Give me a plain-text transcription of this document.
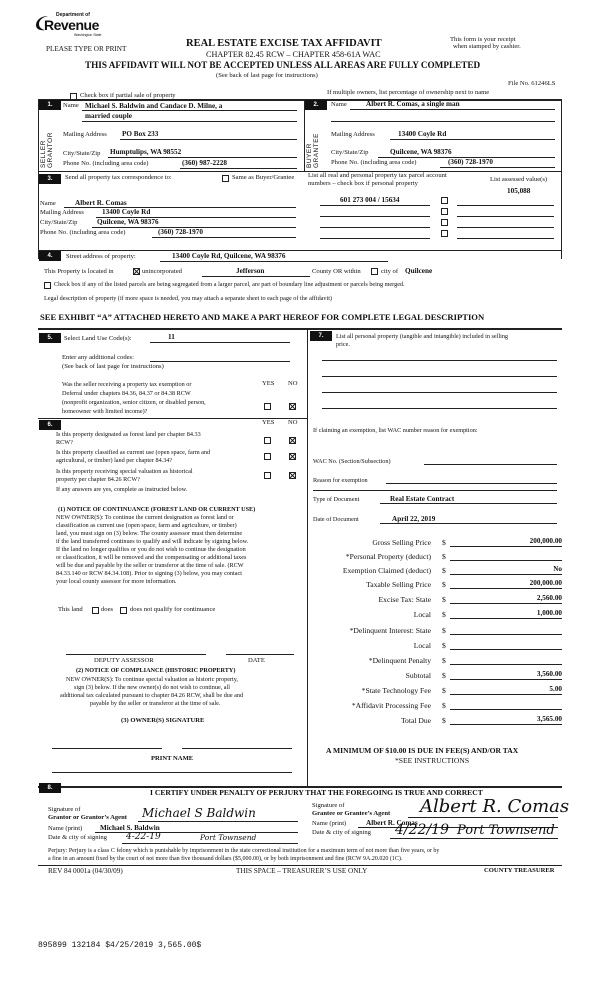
Department of
Revenue
Washington State
PLEASE TYPE OR PRINT	REAL ESTATE EXCISE TAX AFFIDAVIT
CHAPTER 82.45 RCW – CHAPTER 458-61A WAC
THIS AFFIDAVIT WILL NOT BE ACCEPTED UNLESS ALL AREAS ARE FULLY COMPLETED
(See back of last page for instructions)
This form is your receipt
when stamped by cashier.
File No. 61246LS
Check box if partial sale of property	If multiple owners, list percentage of ownership next to name
1.
SELLER GRANTOR
Name Michael S. Baldwin and Candace D. Milne, a
married couple
Mailing Address PO Box 233
City/State/Zip Humptulips, WA 98552
Phone No. (including area code)	(360) 987-2228
2.
BUYER GRANTEE
Name	Albert R. Comas, a single man
Mailing Address	13400 Coyle Rd
City/State/Zip	Quilcene, WA 98376
Phone No. (including area code)	(360) 728-1970
3.	Send all property tax correspondence to:	Same as Buyer/Grantee
Name	Albert R. Comas
Mailing Address	13400 Coyle Rd
City/State/Zip	Quilcene, WA 98376
Phone No. (including area code)	(360) 728-1970
List all real and personal property tax parcel account
numbers – check box if personal property
List assessed value(s)
105,088
601 273 004 / 15634
4.	Street address of property:	13400 Coyle Rd, Quilcene, WA 98376
This Property is located in	unincorporated	Jefferson	County OR within	city of Quilcene
Check box if any of the listed parcels are being segregated from a larger parcel, are part of boundary line adjustment or parcels being merged.
Legal description of property (if more space is needed, you may attach a separate sheet to each page of the affidavit)
SEE EXHIBIT “A” ATTACHED HERETO AND MAKE A PART HEREOF FOR COMPLETE LEGAL DESCRIPTION
5.	Select Land Use Code(s):	11
Enter any additional codes:
(See back of last page for instructions)
YES NO
Was the seller receiving a property tax exemption or
Deferral under chapters 84.36, 84.37 or 84.38 RCW
(nonprofit organization, senior citizen, or disabled person,
homeowner with limited income)?
6.	YES NO
Is this property designated as forest land per chapter 84.33
RCW?
Is this property classified as current use (open space, farm and
agricultural, or timber) land per chapter 84.34?
Is this property receiving special valuation as historical
property per chapter 84.26 RCW?
If any answers are yes, complete as instructed below.
(1) NOTICE OF CONTINUANCE (FOREST LAND OR CURRENT USE)
NEW OWNER(S): To continue the current designation as forest land or
classification as current use (open space, farm and agriculture, or timber)
land, you must sign on (3) below. The county assessor must then determine
if the land transferred continues to qualify and will indicate by signing below.
If the land no longer qualifies or you do not wish to continue the designation
or classification, it will be removed and the compensating or additional taxes
will be due and payable by the seller or transferor at the time of sale. (RCW
84.33.140 or RCW 84.34.108). Prior to signing (3) below, you may contact
your local county assessor for more information.
This land	does	does not qualify for continuance
DEPUTY ASSESSOR	DATE
(2) NOTICE OF COMPLIANCE (HISTORIC PROPERTY)
NEW OWNER(S): To continue special valuation as historic property,
sign (3) below. If the new owner(s) do not wish to continue, all
additional tax calculated pursuant to chapter 84.26 RCW, shall be due and
payable by the seller or transferor at the time of sale.
(3) OWNER(S) SIGNATURE
PRINT NAME
7.	List all personal property (tangible and intangible) included in selling
price.
If claiming an exemption, list WAC number reason for exemption:
WAC No. (Section/Subsection)
Reason for exemption
Type of Document	Real Estate Contract
Date of Document	April 22, 2019
Gross Selling Price $	200,000.00
*Personal Property (deduct) $
Exemption Claimed (deduct) $	No
Taxable Selling Price $	200,000.00
Excise Tax: State $	2,560.00
Local $	1,000.00
*Delinquent Interest: State $
Local $
*Delinquent Penalty $
Subtotal $	3,560.00
*State Technology Fee $	5.00
*Affidavit Processing Fee $
Total Due $	3,565.00
A MINIMUM OF $10.00 IS DUE IN FEE(S) AND/OR TAX
*SEE INSTRUCTIONS
8.	I CERTIFY UNDER PENALTY OF PERJURY THAT THE FOREGOING IS TRUE AND CORRECT
Signature of
Grantor or Grantor’s Agent Michael S Baldwin
Name (print) Michael S. Baldwin
Date & city of signing 4-22-19	Port Townsend
Signature of
Grantee or Grantee’s Agent Albert R. Comas
Name (print)	Albert R. Comas
Date & city of signing 4/22/19 Port Townsend
Perjury: Perjury is a class C felony which is punishable by imprisonment in the state correctional institution for a maximum term of not more than five years, or by
a fine in an amount fixed by the court of not more than five thousand dollars ($5,000.00), or by both imprisonment and fine (RCW 9A.20.020 (1C).
REV 84 0001a (04/30/09)	THIS SPACE – TREASURER’S USE ONLY	COUNTY TREASURER
895899 132184 $4/25/2019 3,565.00$
